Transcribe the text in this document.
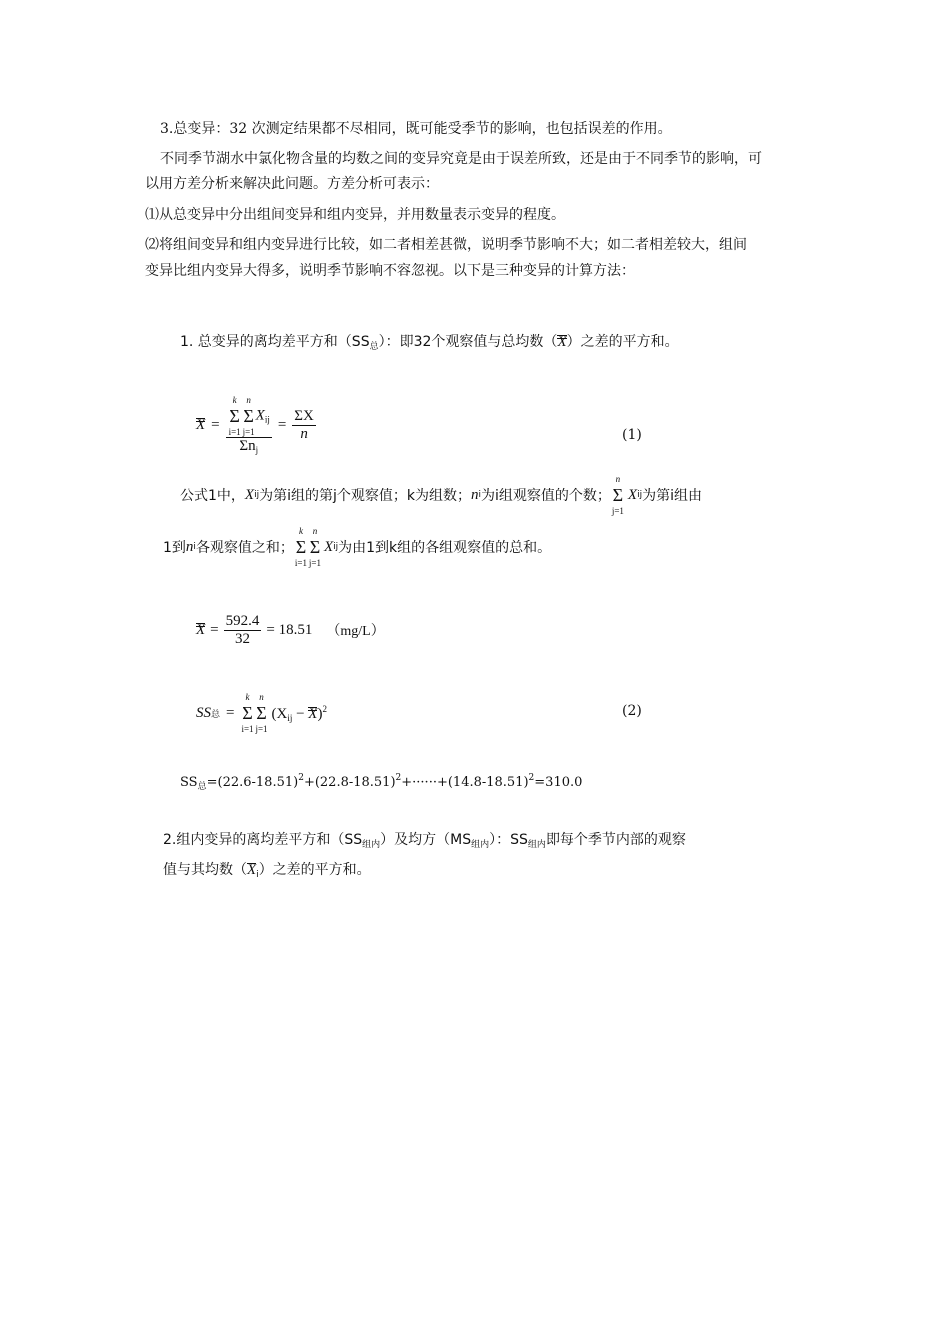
3.总变异：32 次测定结果都不尽相同，既可能受季节的影响，也包括误差的作用。
不同季节湖水中氯化物含量的均数之间的变异究竟是由于误差所致，还是由于不同季节的影响，可
以用方差分析来解决此问题。方差分析可表示：
⑴从总变异中分出组间变异和组内变异，并用数量表示变异的程度。
⑵将组间变异和组内变异进行比较，如二者相差甚微，说明季节影响不大；如二者相差较大，组间
变异比组内变异大得多，说明季节影响不容忽视。以下是三种变异的计算方法：
1. 总变异的离均差平方和$(SS_总)$：即32个观察值与总均数（X）之差的平方和。
X = Σ
k
i=1
Σ
n
j=1
$X_{ij}$
$\Sigma n_j = \frac{\Sigma X}{n}$	(1)
公式1中， X ij 为第i组的第j个观察值；k为组数； n i 为i组观察值的个数； Σ
n
j=1
X ij 为第i组由
1到 n i 各观察值之和； Σ
k
i=1
Σ
n
j=1
X ij 为由1到k组的各组观察值的总和。
$X = \frac{592.4}{32} = 18.51$ （mg/L）
SS 总 = Σ
k
i=1
Σ
n
j=1
$(X_{ij} - X)^2$	(2)
$SS_总=(22.6-18.51)^2+(22.8-18.51)^2+\cdot\cdot\cdot\cdot\cdot\cdot+(14.8-18.51)^2=310.0$
2.组内变异的离均差平方和$(SS_{组内})$及均方$(MS_{组内})$：$SS_{组内}$即每个季节内部的观察
值与其均数$(X_i)$之差的平方和。
